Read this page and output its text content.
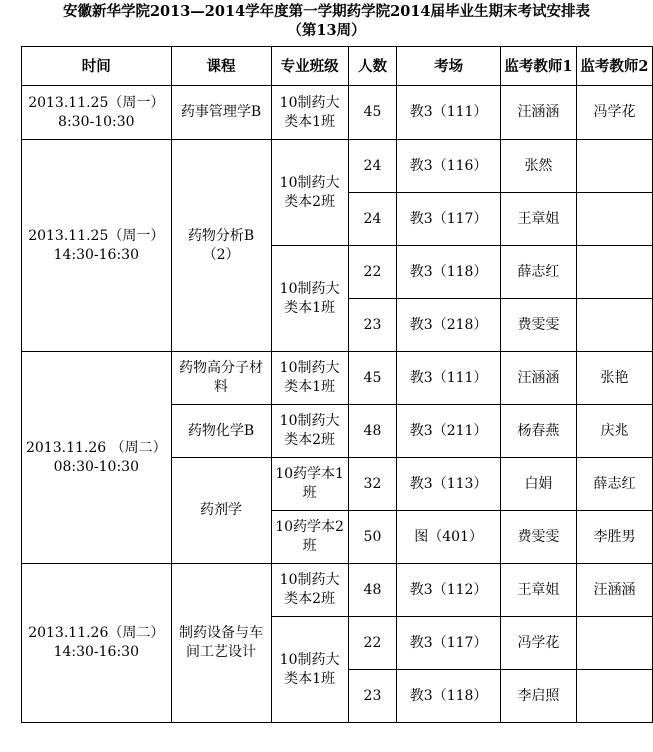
安徽新华学院2013—2014学年度第一学期药学院2014届毕业生期末考试安排表
（第13周）
时间	课程	专业班级	人数	考场	监考教师1	监考教师2
2013.11.25（周一） 8:30-10:30	药事管理学B	10制药大类本1班	45	教3（111）	汪涵涵	冯学花
2013.11.25（周一） 14:30-16:30	药物分析B（2）	10制药大类本2班	24	教3（116）	张然	
			24	教3（117）	王章姐	
		10制药大类本1班	22	教3（118）	薛志红	
			23	教3（218）	费雯雯	
2013.11.26 （周二）08:30-10:30	药物高分子材料	10制药大类本1班	45	教3（111）	汪涵涵	张艳
	药物化学B	10制药大类本2班	48	教3（211）	杨春燕	庆兆
	药剂学	10药学本1班	32	教3（113）	白娟	薛志红
		10药学本2班	50	图（401）	费雯雯	李胜男
2013.11.26（周二） 14:30-16:30	制药设备与车间工艺设计	10制药大类本2班	48	教3（112）	王章姐	汪涵涵
		10制药大类本1班	22	教3（117）	冯学花	
			23	教3（118）	李启照	
